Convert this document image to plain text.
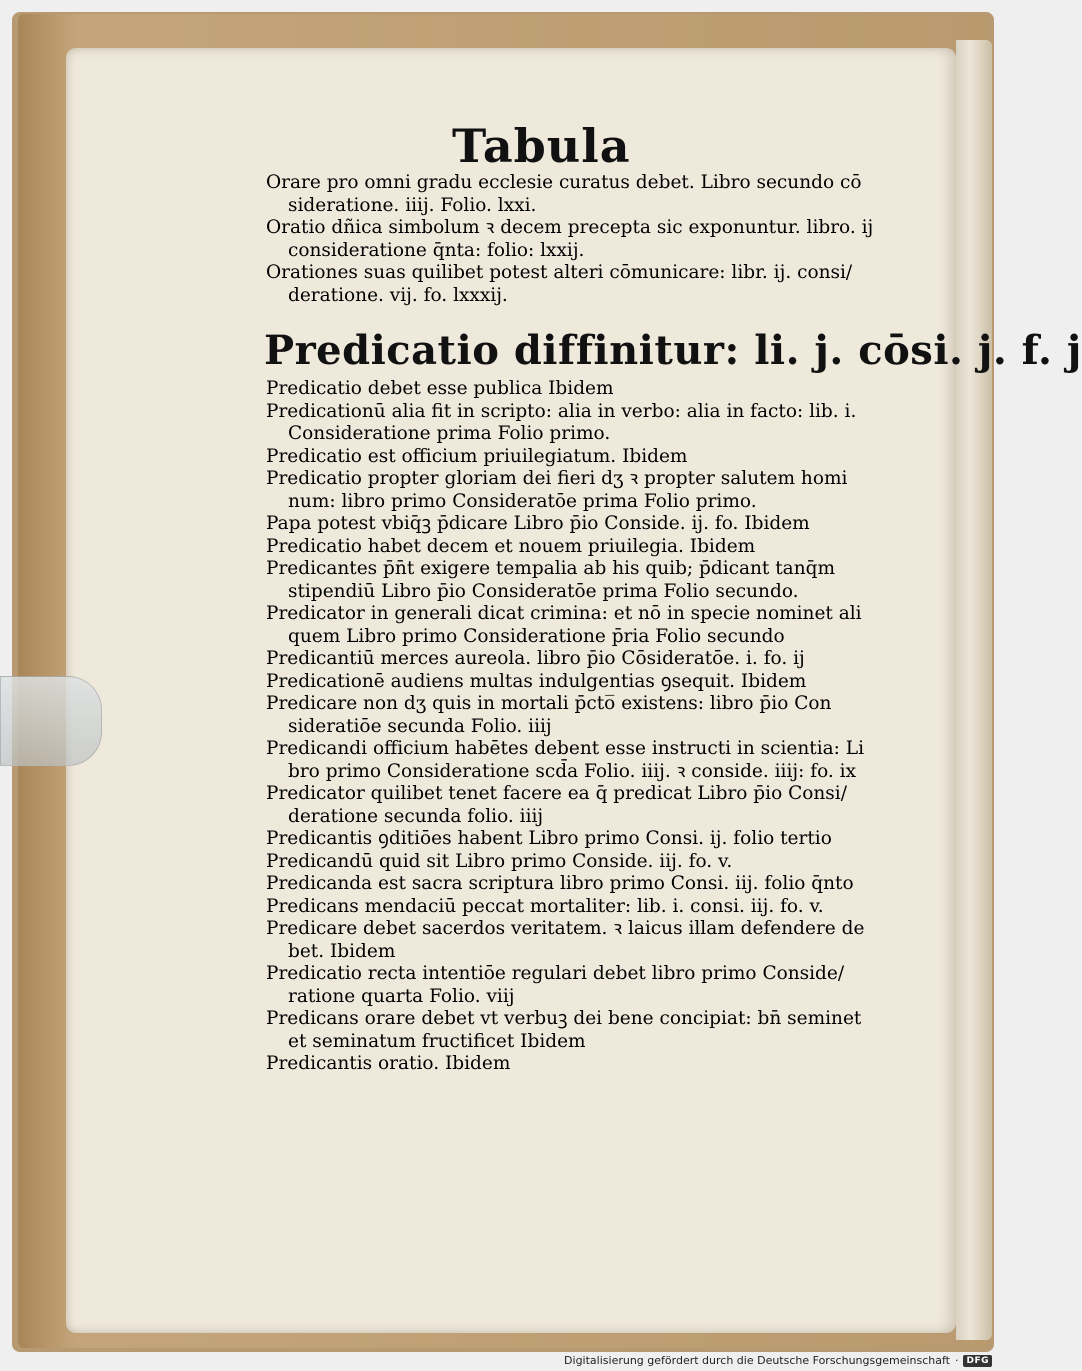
Tabula

Orare pro omni gradu ecclesie curatus debet. Libro secundo cō

sideratione. iiij. Folio. lxxi.

Oratio dñica simbolum ꝛ decem precepta sic exponuntur. libro. ij

consideratione q̄nta: folio: lxxij.

Orationes suas quilibet potest alteri cōmunicare: libr. ij. consi/

deratione. vij. fo. lxxxij.

Predicatio diffinitur: li. j. cōsi. j. f. j

Predicatio debet esse publica Ibidem

Predicationū alia fit in scripto: alia in verbo: alia in facto: lib. i.

Consideratione prima Folio primo.

Predicatio est officium priuilegiatum. Ibidem

Predicatio propter gloriam dei fieri dʒ ꝛ propter salutem homi

num: libro primo Consideratōe prima Folio primo.

Papa potest vbiq̄ꝫ p̄dicare Libro p̄io Conside. ij. fo. Ibidem

Predicatio habet decem et nouem priuilegia. Ibidem

Predicantes p̄n̄t exigere tempalia ab his quib; p̄dicant tanq̄m

stipendiū Libro p̄io Consideratōe prima Folio secundo.

Predicator in generali dicat crimina: et nō in specie nominet ali

quem Libro primo Consideratione p̄ria Folio secundo

Predicantiū merces aureola. libro p̄io Cōsideratōe. i. fo. ij

Predicationē audiens multas indulgentias ꝯsequit. Ibidem

Predicare non dʒ quis in mortali p̄cto̅ existens: libro p̄io Con

sideratiōe secunda Folio. iiij

Predicandi officium habētes debent esse instructi in scientia: Li

bro primo Consideratione scd̄a Folio. iiij. ꝛ conside. iiij: fo. ix

Predicator quilibet tenet facere ea q̄ predicat Libro p̄io Consi/

deratione secunda folio. iiij

Predicantis ꝯditiōes habent Libro primo Consi. ij. folio tertio

Predicandū quid sit Libro primo Conside. iij. fo. v.

Predicanda est sacra scriptura libro primo Consi. iij. folio q̄nto

Predicans mendaciū peccat mortaliter: lib. i. consi. iij. fo. v.

Predicare debet sacerdos veritatem. ꝛ laicus illam defendere de

bet. Ibidem

Predicatio recta intentiōe regulari debet libro primo Conside/

ratione quarta Folio. viij

Predicans orare debet vt verbuꝫ dei bene concipiat: bn̄ seminet

et seminatum fructificet Ibidem

Predicantis oratio. Ibidem

Digitalisierung gefördert durch die Deutsche Forschungsgemeinschaft · DFG
